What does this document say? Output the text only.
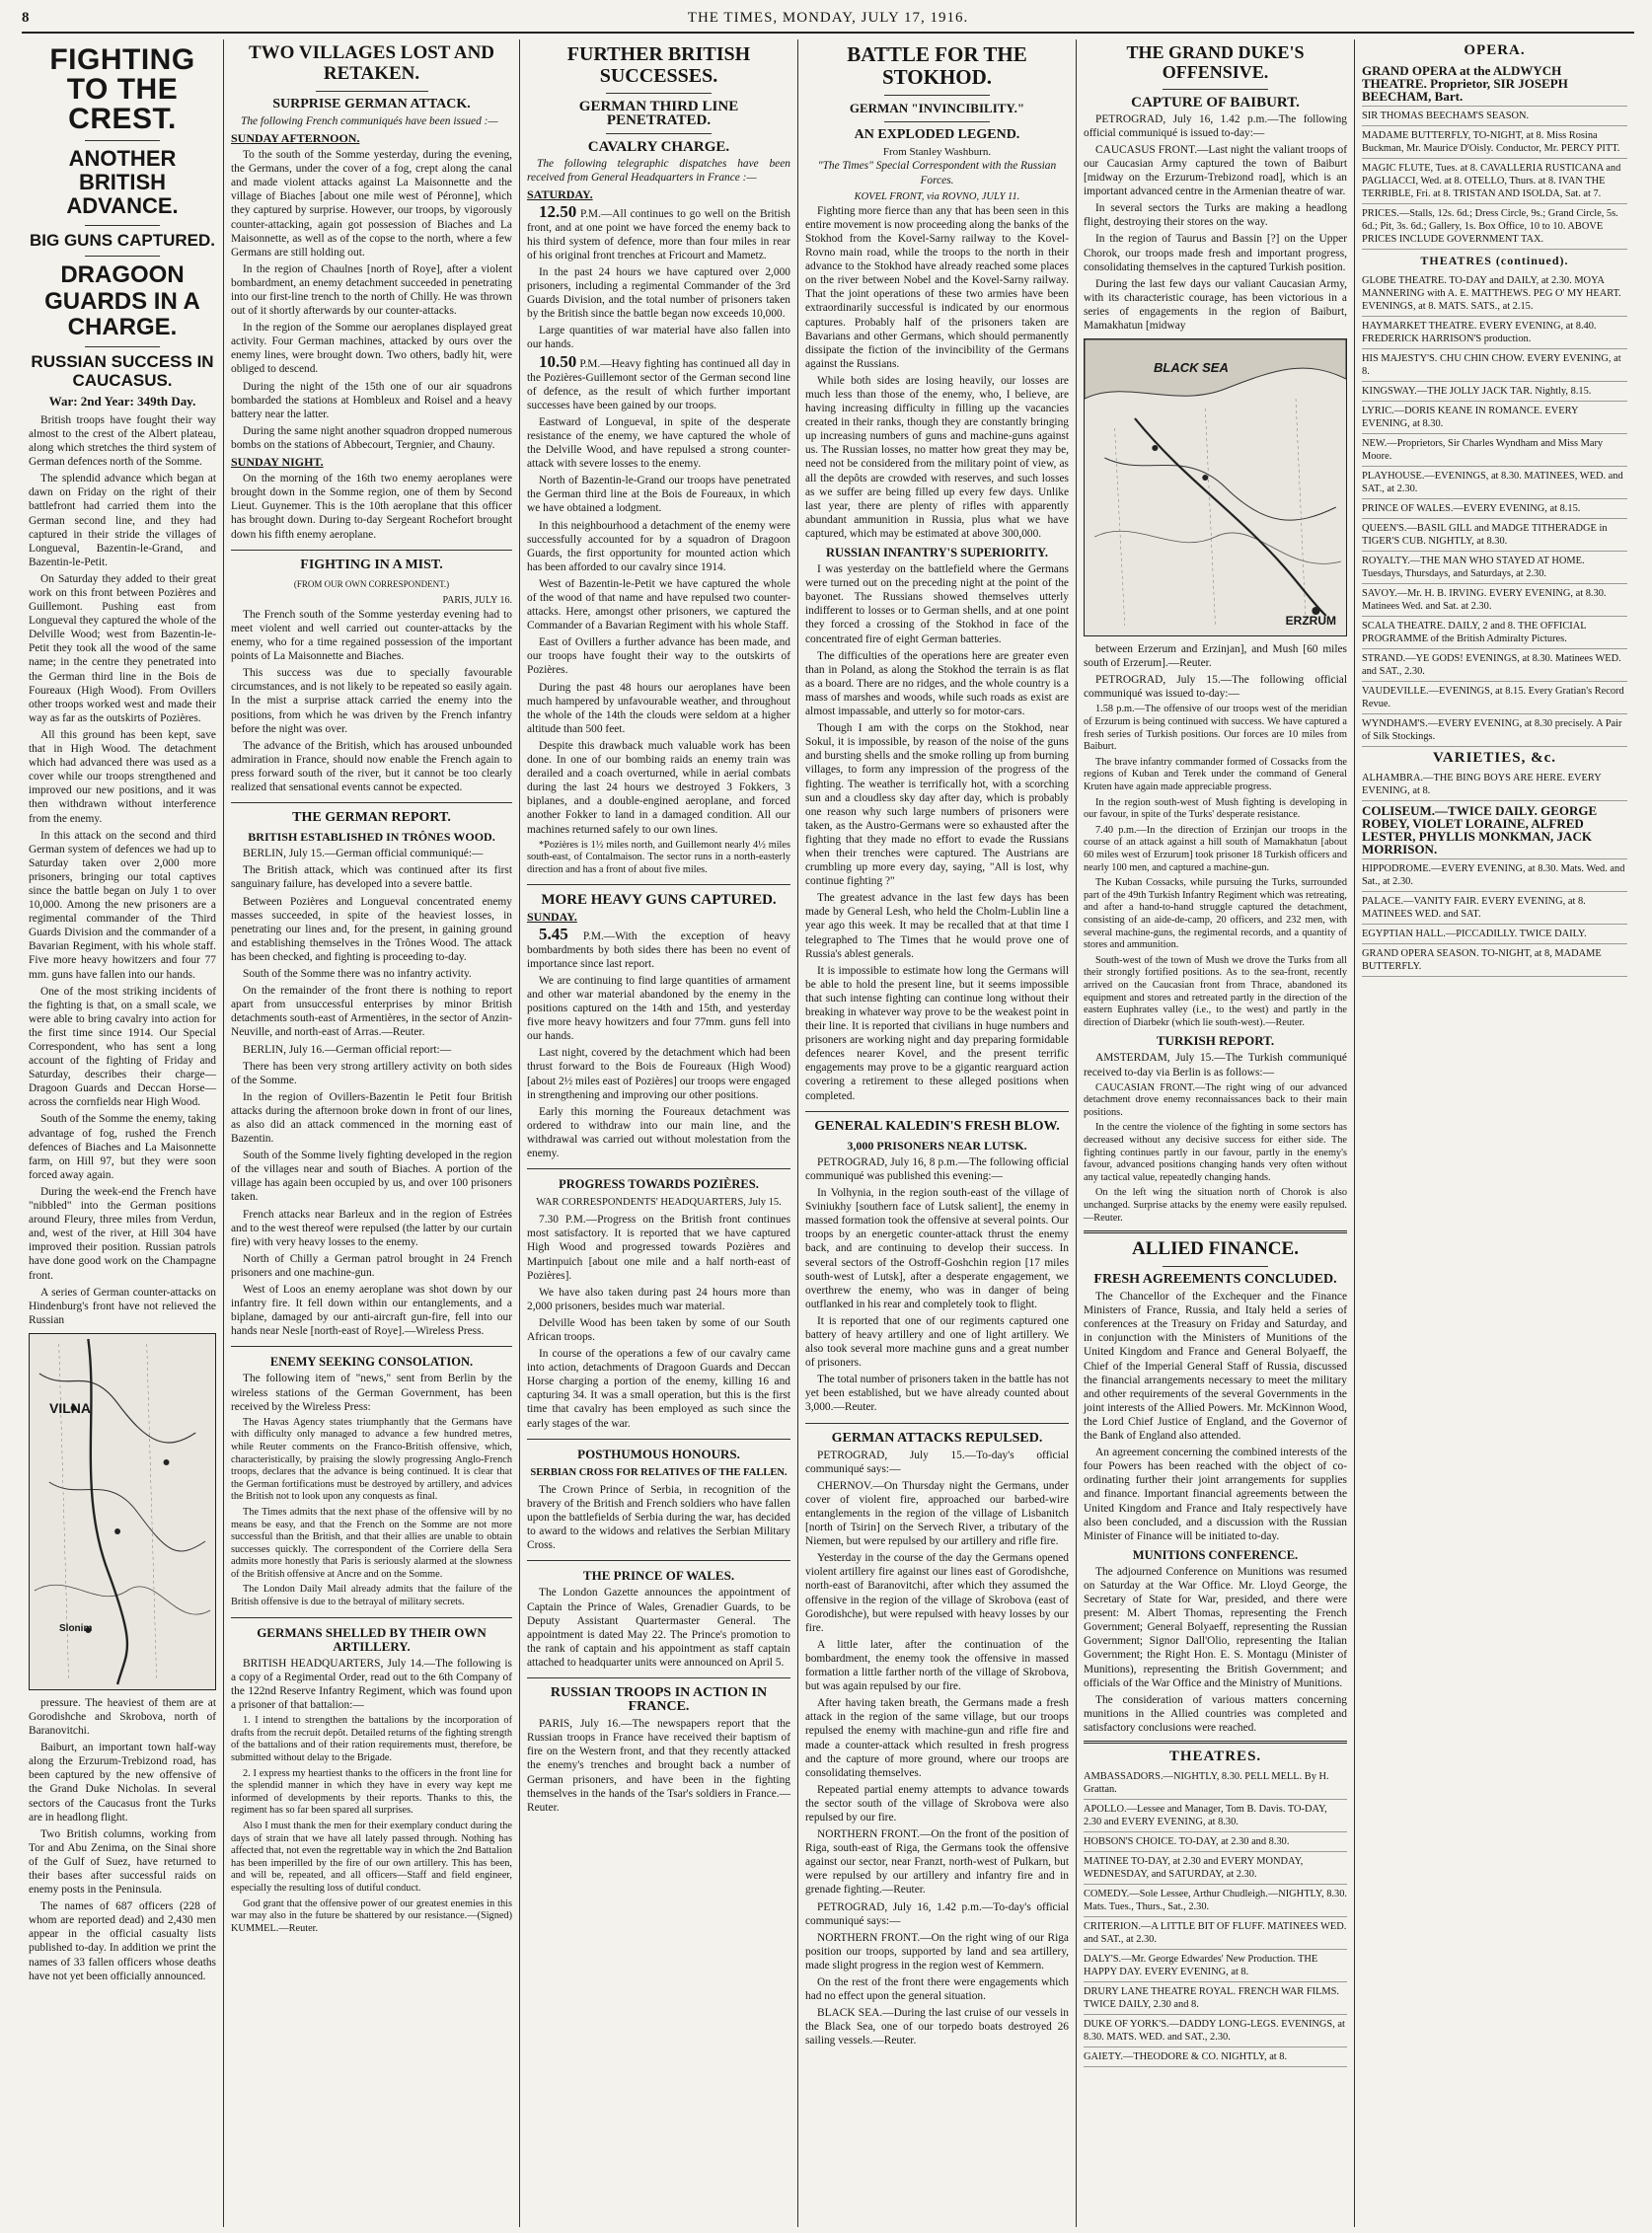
8	THE TIMES, MONDAY, JULY 17, 1916.
FIGHTING TO THE CREST.
ANOTHER BRITISH ADVANCE.
BIG GUNS CAPTURED.
DRAGOON GUARDS IN A CHARGE.
RUSSIAN SUCCESS IN CAUCASUS.
War: 2nd Year: 349th Day.

British troops have fought their way almost to the crest of the Albert plateau, along which stretches the third system of German defences north of the Somme.

The splendid advance which began at dawn on Friday on the right of their battlefront had carried them into the German second line, and they had captured in their stride the villages of Longueval, Bazentin-le-Grand, and Bazentin-le-Petit.

On Saturday they added to their great work on this front between Pozières and Guillemont. Pushing east from Longueval they captured the whole of the Delville Wood; west from Bazentin-le-Petit they took all the wood of the same name; in the centre they penetrated into the German third line in the Bois de Foureaux (High Wood). From Ovillers other troops worked west and made their way as far as the outskirts of Pozières.

All this ground has been kept, save that in High Wood. The detachment which had advanced there was used as a cover while our troops strengthened and improved our new positions, and it was then withdrawn without interference from the enemy.

In this attack on the second and third German system of defences we had up to Saturday taken over 2,000 more prisoners, bringing our total captives since the battle began on July 1 to over 10,000. Among the new prisoners are a regimental commander of the Third Guards Division and the commander of a Bavarian Regiment, with his whole staff. Five more heavy howitzers and four 77 mm. guns have fallen into our hands.

One of the most striking incidents of the fighting is that, on a small scale, we were able to bring cavalry into action for the first time since 1914. Our Special Correspondent, who has sent a long account of the fighting of Friday and Saturday, describes their charge—Dragoon Guards and Deccan Horse—across the cornfields near High Wood.

South of the Somme the enemy, taking advantage of fog, rushed the French defences of Biaches and La Maisonnette farm, on Hill 97, but they were soon forced away again.

During the week-end the French have "nibbled" into the German positions around Fleury, three miles from Verdun, and, west of the river, at Hill 304 have improved their position. Russian patrols have done good work on the Champagne front.

A series of German counter-attacks on Hindenburg's front have not relieved the Russian

VILNA
Slonim

pressure. The heaviest of them are at Gorodishche and Skrobova, north of Baranovitchi.

Baiburt, an important town half-way along the Erzurum-Trebizond road, has been captured by the new offensive of the Grand Duke Nicholas. In several sectors of the Caucasus front the Turks are in headlong flight.

Two British columns, working from Tor and Abu Zenima, on the Sinai shore of the Gulf of Suez, have returned to their bases after successful raids on enemy posts in the Peninsula.

The names of 687 officers (228 of whom are reported dead) and 2,430 men appear in the official casualty lists published to-day. In addition we print the names of 33 fallen officers whose deaths have not yet been officially announced.

TWO VILLAGES LOST AND RETAKEN.
SURPRISE GERMAN ATTACK.

The following French communiqués have been issued :—

SUNDAY AFTERNOON.

To the south of the Somme yesterday, during the evening, the Germans, under the cover of a fog, crept along the canal and made violent attacks against La Maisonnette and the village of Biaches [about one mile west of Péronne], which they captured by surprise. However, our troops, by vigorously counter-attacking, again got possession of Biaches and La Maisonnette, as well as of the copse to the north, where a few Germans are still holding out.

In the region of Chaulnes [north of Roye], after a violent bombardment, an enemy detachment succeeded in penetrating into our first-line trench to the north of Chilly. He was thrown out of it shortly afterwards by our counter-attacks.

In the region of the Somme our aeroplanes displayed great activity. Four German machines, attacked by ours over the enemy lines, were brought down. Two others, badly hit, were obliged to descend.

During the night of the 15th one of our air squadrons bombarded the stations at Hombleux and Roisel and a heavy battery near the latter.

During the same night another squadron dropped numerous bombs on the stations of Abbecourt, Tergnier, and Chauny.

SUNDAY NIGHT.

On the morning of the 16th two enemy aeroplanes were brought down in the Somme region, one of them by Second Lieut. Guynemer. This is the 10th aeroplane that this officer has brought down. During to-day Sergeant Rochefort brought down his fifth enemy aeroplane.

FIGHTING IN A MIST.
(FROM OUR OWN CORRESPONDENT.)
PARIS, JULY 16.

The French south of the Somme yesterday evening had to meet violent and well carried out counter-attacks by the enemy, who for a time regained possession of the important points of La Maisonnette and Biaches.

This success was due to specially favourable circumstances, and is not likely to be repeated so easily again. In the mist a surprise attack carried the enemy into the positions, from which he was driven by the French infantry before the night was over.

The advance of the British, which has aroused unbounded admiration in France, should now enable the French again to press forward south of the river, but it cannot be too clearly realized that sensational events cannot be expected.

THE GERMAN REPORT.
BRITISH ESTABLISHED IN TRÔNES WOOD.

BERLIN, July 15.—German official communiqué:—

The British attack, which was continued after its first sanguinary failure, has developed into a severe battle.

Between Pozières and Longueval concentrated enemy masses succeeded, in spite of the heaviest losses, in penetrating our lines and, for the present, in gaining ground and establishing themselves in the Trônes Wood. The attack has been checked, and fighting is proceeding to-day.

South of the Somme there was no infantry activity.

On the remainder of the front there is nothing to report apart from unsuccessful enterprises by minor British detachments south-east of Armentières, in the sector of Anzin-Neuville, and north-east of Arras.—Reuter.

BERLIN, July 16.—German official report:—

There has been very strong artillery activity on both sides of the Somme.

In the region of Ovillers-Bazentin le Petit four British attacks during the afternoon broke down in front of our lines, as also did an attack commenced in the morning east of Bazentin.

South of the Somme lively fighting developed in the region of the villages near and south of Biaches. A portion of the village has again been occupied by us, and over 100 prisoners taken.

French attacks near Barleux and in the region of Estrées and to the west thereof were repulsed (the latter by our curtain fire) with very heavy losses to the enemy.

North of Chilly a German patrol brought in 24 French prisoners and one machine-gun.

West of Loos an enemy aeroplane was shot down by our infantry fire. It fell down within our entanglements, and a biplane, damaged by our anti-aircraft gun-fire, fell into our hands near Nesle [north-east of Roye].—Wireless Press.

ENEMY SEEKING CONSOLATION.

The following item of "news," sent from Berlin by the wireless stations of the German Government, has been received by the Wireless Press:

The Havas Agency states triumphantly that the Germans have with difficulty only managed to advance a few hundred metres, while Reuter comments on the Franco-British offensive, which, characteristically, by praising the slowly progressing Anglo-French troops, declares that the advance is being continued. It is clear that the German fortifications must be destroyed by artillery, and advices the British not to look upon any conquests as final.

The Times admits that the next phase of the offensive will by no means be easy, and that the French on the Somme are not more successful than the British, and that their allies are unable to obtain successes quickly. The correspondent of the Corriere della Sera admits more honestly that Paris is seriously alarmed at the slowness of the British offensive at Ancre and on the Somme.

The London Daily Mail already admits that the failure of the British offensive is due to the betrayal of military secrets.

GERMANS SHELLED BY THEIR OWN ARTILLERY.

BRITISH HEADQUARTERS, July 14.—The following is a copy of a Regimental Order, read out to the 6th Company of the 122nd Reserve Infantry Regiment, which was found upon a prisoner of that battalion:—

1. I intend to strengthen the battalions by the incorporation of drafts from the recruit depôt. Detailed returns of the fighting strength of the battalions and of their ration requirements must, therefore, be submitted without delay to the Brigade.

2. I express my heartiest thanks to the officers in the front line for the splendid manner in which they have in every way kept me informed of developments by their reports. Thanks to this, the regiment has so far been spared all surprises.

Also I must thank the men for their exemplary conduct during the days of strain that we have all lately passed through. Nothing has affected that, not even the regrettable way in which the 2nd Battalion has been imperilled by the fire of our own artillery. This has been, and will be, repeated, and all officers—Staff and field engineer, especially the resulting loss of dutiful conduct.

God grant that the offensive power of our greatest enemies in this war may also in the future be shattered by our resistance.—(Signed) KUMMEL.—Reuter.

FURTHER BRITISH SUCCESSES.
GERMAN THIRD LINE PENETRATED.
CAVALRY CHARGE.

The following telegraphic dispatches have been received from General Headquarters in France :—

SATURDAY.

12.50 P.M.—All continues to go well on the British front, and at one point we have forced the enemy back to his third system of defence, more than four miles in rear of his original front trenches at Fricourt and Mametz.

In the past 24 hours we have captured over 2,000 prisoners, including a regimental Commander of the 3rd Guards Division, and the total number of prisoners taken by the British since the battle began now exceeds 10,000.

Large quantities of war material have also fallen into our hands.

10.50 P.M.—Heavy fighting has continued all day in the Pozières-Guillemont sector of the German second line of defence, as the result of which further important successes have been gained by our troops.

Eastward of Longueval, in spite of the desperate resistance of the enemy, we have captured the whole of the Delville Wood, and have repulsed a strong counter-attack with severe losses to the enemy.

North of Bazentin-le-Grand our troops have penetrated the German third line at the Bois de Foureaux, in which we have obtained a lodgment.

In this neighbourhood a detachment of the enemy were successfully accounted for by a squadron of Dragoon Guards, the first opportunity for mounted action which has been afforded to our cavalry since 1914.

West of Bazentin-le-Petit we have captured the whole of the wood of that name and have repulsed two counter-attacks. Here, amongst other prisoners, we captured the Commander of a Bavarian Regiment with his whole Staff.

East of Ovillers a further advance has been made, and our troops have fought their way to the outskirts of Pozières.

During the past 48 hours our aeroplanes have been much hampered by unfavourable weather, and throughout the whole of the 14th the clouds were seldom at a higher altitude than 500 feet.

Despite this drawback much valuable work has been done. In one of our bombing raids an enemy train was derailed and a coach overturned, while in aerial combats during the last 24 hours we destroyed 3 Fokkers, 3 biplanes, and a double-engined aeroplane, and forced another Fokker to land in a damaged condition. All our machines returned safely to our own lines.

*Pozières is 1½ miles north, and Guillemont nearly 4½ miles south-east, of Contalmaison. The sector runs in a north-easterly direction and has a front of about five miles.

MORE HEAVY GUNS CAPTURED.
SUNDAY.

5.45 P.M.—With the exception of heavy bombardments by both sides there has been no event of importance since last report.

We are continuing to find large quantities of armament and other war material abandoned by the enemy in the positions captured on the 14th and 15th, and yesterday five more heavy howitzers and four 77mm. guns fell into our hands.

Last night, covered by the detachment which had been thrust forward to the Bois de Foureaux (High Wood) [about 2½ miles east of Pozières] our troops were engaged in strengthening and improving our other positions.

Early this morning the Foureaux detachment was ordered to withdraw into our main line, and the withdrawal was carried out without molestation from the enemy.

PROGRESS TOWARDS POZIÈRES.
WAR CORRESPONDENTS' HEADQUARTERS, July 15.

7.30 P.M.—Progress on the British front continues most satisfactory. It is reported that we have captured High Wood and progressed towards Pozières and Martinpuich [about one mile and a half north-east of Pozières].

We have also taken during past 24 hours more than 2,000 prisoners, besides much war material.

Delville Wood has been taken by some of our South African troops.

In course of the operations a few of our cavalry came into action, detachments of Dragoon Guards and Deccan Horse charging a portion of the enemy, killing 16 and capturing 34. It was a small operation, but this is the first time that cavalry has been employed as such since the early stages of the war.

POSTHUMOUS HONOURS.
SERBIAN CROSS FOR RELATIVES OF THE FALLEN.

The Crown Prince of Serbia, in recognition of the bravery of the British and French soldiers who have fallen upon the battlefields of Serbia during the war, has decided to award to the widows and relatives the Serbian Military Cross.

THE PRINCE OF WALES.

The London Gazette announces the appointment of Captain the Prince of Wales, Grenadier Guards, to be Deputy Assistant Quartermaster General. The appointment is dated May 22. The Prince's promotion to the rank of captain and his appointment as staff captain attached to headquarter units were announced on April 5.

RUSSIAN TROOPS IN ACTION IN FRANCE.

PARIS, July 16.—The newspapers report that the Russian troops in France have received their baptism of fire on the Western front, and that they recently attacked the enemy's trenches and brought back a number of German prisoners, and have been in the fighting themselves in the hands of the Tsar's soldiers in France.—Reuter.

BATTLE FOR THE STOKHOD.
GERMAN "INVINCIBILITY."
AN EXPLODED LEGEND.
From Stanley Washburn.

"The Times" Special Correspondent with the Russian Forces.

KOVEL FRONT, via ROVNO, JULY 11.

Fighting more fierce than any that has been seen in this entire movement is now proceeding along the banks of the Stokhod from the Kovel-Sarny railway to the Kovel-Rovno main road, while the troops to the north in their advance to the Stokhod have already reached some places on the river between Nobel and the Kovel-Sarny railway. That the joint operations of these two armies have been extraordinarily successful is indicated by our enormous captures. Probably half of the prisoners taken are Bavarians and other Germans, which should permanently dissipate the fiction of the invincibility of the Germans against the Russians.

While both sides are losing heavily, our losses are much less than those of the enemy, who, I believe, are having increasing difficulty in filling up the vacancies created in their ranks, though they are constantly bringing up increasing numbers of guns and machine-guns against us. The Russian losses, no matter how great they may be, need not be considered from the military point of view, as all the depôts are crowded with reserves, and such losses as we suffer are being filled up every few days. Unlike last year, there are plenty of rifles with apparently abundant ammunition in Russia, plus what we have captured, which may be estimated at above 300,000.

RUSSIAN INFANTRY'S SUPERIORITY.

I was yesterday on the battlefield where the Germans were turned out on the preceding night at the point of the bayonet. The Russians showed themselves utterly indifferent to losses or to German shells, and at one point they forced a crossing of the Stokhod in face of the concentrated fire of eight German batteries.

The difficulties of the operations here are greater even than in Poland, as along the Stokhod the terrain is as flat as a board. There are no ridges, and the whole country is a mass of marshes and woods, while such roads as exist are almost impassable, and utterly so for motor-cars.

Though I am with the corps on the Stokhod, near Sokul, it is impossible, by reason of the noise of the guns and bursting shells and the smoke rolling up from burning villages, to form any impression of the progress of the fighting. The weather is terrifically hot, with a scorching sun and a cloudless sky day after day, which is probably one reason why such large numbers of prisoners were taken, as the Austro-Germans were so exhausted after the fighting that they made no effort to evade the Russians when their trenches were captured. The Austrians are crumbling up more every day, saying, "All is lost, why continue fighting ?"

The greatest advance in the last few days has been made by General Lesh, who held the Cholm-Lublin line a year ago this week. It may be recalled that at that time I telegraphed to The Times that he would prove one of Russia's ablest generals.

It is impossible to estimate how long the Germans will be able to hold the present line, but it seems impossible that such intense fighting can continue long without their breaking in whatever way prove to be the weakest point in their line. It is reported that civilians in huge numbers and prisoners are working night and day preparing formidable defences nearer Kovel, and the present terrific engagements may prove to be a gigantic rearguard action covering a retirement to these alleged positions when completed.

GENERAL KALEDIN'S FRESH BLOW.
3,000 PRISONERS NEAR LUTSK.

PETROGRAD, July 16, 8 p.m.—The following official communiqué was published this evening:—

In Volhynia, in the region south-east of the village of Sviniukhy [southern face of Lutsk salient], the enemy in massed formation took the offensive at several points. Our troops by an energetic counter-attack thrust the enemy back, and are continuing to develop their success. In several sectors of the Ostroff-Goshchin region [17 miles south-west of Lutsk], after a desperate engagement, we overthrew the enemy, who was in danger of being outflanked in his rear and completely took to flight.

It is reported that one of our regiments captured one battery of heavy artillery and one of light artillery. We also took several more machine guns and a great number of prisoners.

The total number of prisoners taken in the battle has not yet been established, but we have already counted about 3,000.—Reuter.

GERMAN ATTACKS REPULSED.

PETROGRAD, July 15.—To-day's official communiqué says:—

CHERNOV.—On Thursday night the Germans, under cover of violent fire, approached our barbed-wire entanglements in the region of the village of Lisbanitch [north of Tsirin] on the Servech River, a tributary of the Niemen, but were repulsed by our artillery and rifle fire.

Yesterday in the course of the day the Germans opened violent artillery fire against our lines east of Gorodishche, north-east of Baranovitchi, after which they assumed the offensive in the region of the village of Skrobova (east of Gorodishche), but were repulsed with heavy losses by our fire.

A little later, after the continuation of the bombardment, the enemy took the offensive in massed formation a little farther north of the village of Skrobova, but was again repulsed by our fire.

After having taken breath, the Germans made a fresh attack in the region of the same village, but our troops repulsed the enemy with machine-gun and rifle fire and made a counter-attack which resulted in fresh progress and the capture of more ground, where our troops are consolidating themselves.

Repeated partial enemy attempts to advance towards the sector south of the village of Skrobova were also repulsed by our fire.

NORTHERN FRONT.—On the front of the position of Riga, south-east of Riga, the Germans took the offensive against our sector, near Franzt, north-west of Pulkarn, but were repulsed by our artillery and infantry fire and in grenade fighting.—Reuter.

PETROGRAD, July 16, 1.42 p.m.—To-day's official communiqué says:—

NORTHERN FRONT.—On the right wing of our Riga position our troops, supported by land and sea artillery, made slight progress in the region west of Kemmern.

On the rest of the front there were engagements which had no effect upon the general situation.

BLACK SEA.—During the last cruise of our vessels in the Black Sea, one of our torpedo boats destroyed 26 sailing vessels.—Reuter.

THE GRAND DUKE'S OFFENSIVE.
CAPTURE OF BAIBURT.

PETROGRAD, July 16, 1.42 p.m.—The following official communiqué is issued to-day:—

CAUCASUS FRONT.—Last night the valiant troops of our Caucasian Army captured the town of Baiburt [midway on the Erzurum-Trebizond road], which is an important advanced centre in the Armenian theatre of war.

In several sectors the Turks are making a headlong flight, destroying their stores on the way.

In the region of Taurus and Bassin [?] on the Upper Chorok, our troops made fresh and important progress, consolidating themselves in the captured Turkish position.

During the last few days our valiant Caucasian Army, with its characteristic courage, has been victorious in a series of engagements in the region of Baiburt, Mamakhatun [midway

BLACK SEA
ERZRUM

between Erzerum and Erzinjan], and Mush [60 miles south of Erzerum].—Reuter.

PETROGRAD, July 15.—The following official communiqué was issued to-day:—

1.58 p.m.—The offensive of our troops west of the meridian of Erzurum is being continued with success. We have captured a fresh series of Turkish positions. Our forces are 10 miles from Baiburt.

The brave infantry commander formed of Cossacks from the regions of Kuban and Terek under the command of General Kruten have again made appreciable progress.

In the region south-west of Mush fighting is developing in our favour, in spite of the Turks' desperate resistance.

7.40 p.m.—In the direction of Erzinjan our troops in the course of an attack against a hill south of Mamakhatun [about 60 miles west of Erzurum] took prisoner 18 Turkish officers and nearly 100 men, and captured a machine-gun.

The Kuban Cossacks, while pursuing the Turks, surrounded part of the 49th Turkish Infantry Regiment which was retreating, and after a hand-to-hand struggle captured the detachment, consisting of an aide-de-camp, 20 officers, and 232 men, with several machine-guns, the regimental records, and a quantity of stores and ammunition.

South-west of the town of Mush we drove the Turks from all their strongly fortified positions. As to the sea-front, recently arrived on the Caucasian front from Thrace, abandoned its equipment and stores and retreated partly in the direction of the eastern Euphrates valley (i.e., to the west) and partly in the direction of Diarbekr (which lie south-west).—Reuter.

TURKISH REPORT.

AMSTERDAM, July 15.—The Turkish communiqué received to-day via Berlin is as follows:—

CAUCASIAN FRONT.—The right wing of our advanced detachment drove enemy reconnaissances back to their main positions.

In the centre the violence of the fighting in some sectors has decreased without any decisive success for either side. The fighting continues partly in our favour, partly in the enemy's favour, advanced positions changing hands very often without any tactical value, repeatedly changing hands.

On the left wing the situation north of Chorok is also unchanged. Surprise attacks by the enemy were easily repulsed.—Reuter.

ALLIED FINANCE.
FRESH AGREEMENTS CONCLUDED.

The Chancellor of the Exchequer and the Finance Ministers of France, Russia, and Italy held a series of conferences at the Treasury on Friday and Saturday, and in conjunction with the Ministers of Munitions of the United Kingdom and France and General Bolyaeff, the Chief of the Imperial General Staff of Russia, discussed the financial arrangements necessary to meet the military and other requirements of the several Governments in the joint interests of the Allied Powers. Mr. McKinnon Wood, the Lord Chief Justice of England, and the Governor of the Bank of England also attended.

An agreement concerning the combined interests of the four Powers has been reached with the object of co-ordinating further their joint arrangements for supplies and finance. Important financial agreements between the United Kingdom and France and Italy respectively have also been concluded, and a discussion with the Russian Minister of Finance will be initiated to-day.

MUNITIONS CONFERENCE.

The adjourned Conference on Munitions was resumed on Saturday at the War Office. Mr. Lloyd George, the Secretary of State for War, presided, and there were present: M. Albert Thomas, representing the French Government; General Bolyaeff, representing the Russian Government; Signor Dall'Olio, representing the Italian Government; the Right Hon. E. S. Montagu (Minister of Munitions), representing the British Government; and officials of the War Office and the Ministry of Munitions.

The consideration of various matters concerning munitions in the Allied countries was completed and satisfactory conclusions were reached.

THEATRES.
AMBASSADORS.—NIGHTLY, 8.30. PELL MELL. By H. Grattan.
APOLLO.—Lessee and Manager, Tom B. Davis. TO-DAY, 2.30 and EVERY EVENING, at 8.30.
HOBSON'S CHOICE. TO-DAY, at 2.30 and 8.30.
MATINEE TO-DAY, at 2.30 and EVERY MONDAY, WEDNESDAY, and SATURDAY, at 2.30.
COMEDY.—Sole Lessee, Arthur Chudleigh.—NIGHTLY, 8.30. Mats. Tues., Thurs., Sat., 2.30.
CRITERION.—A LITTLE BIT OF FLUFF. MATINEES WED. and SAT., at 2.30.
DALY'S.—Mr. George Edwardes' New Production. THE HAPPY DAY. EVERY EVENING, at 8.
DRURY LANE THEATRE ROYAL. FRENCH WAR FILMS. TWICE DAILY, 2.30 and 8.
DUKE OF YORK'S.—DADDY LONG-LEGS. EVENINGS, at 8.30. MATS. WED. and SAT., 2.30.
GAIETY.—THEODORE & CO. NIGHTLY, at 8.
OPERA.
GRAND OPERA at the ALDWYCH THEATRE. Proprietor, SIR JOSEPH BEECHAM, Bart.
SIR THOMAS BEECHAM'S SEASON.
MADAME BUTTERFLY, TO-NIGHT, at 8. Miss Rosina Buckman, Mr. Maurice D'Oisly. Conductor, Mr. PERCY PITT.
MAGIC FLUTE, Tues. at 8. CAVALLERIA RUSTICANA and PAGLIACCI, Wed. at 8. OTELLO, Thurs. at 8. IVAN THE TERRIBLE, Fri. at 8. TRISTAN AND ISOLDA, Sat. at 7.
PRICES.—Stalls, 12s. 6d.; Dress Circle, 9s.; Grand Circle, 5s. 6d.; Pit, 3s. 6d.; Gallery, 1s. Box Office, 10 to 10. ABOVE PRICES INCLUDE GOVERNMENT TAX.
THEATRES (continued).
GLOBE THEATRE. TO-DAY and DAILY, at 2.30. MOYA MANNERING with A. E. MATTHEWS. PEG O' MY HEART. EVENINGS, at 8. MATS. SATS., at 2.15.
HAYMARKET THEATRE. EVERY EVENING, at 8.40. FREDERICK HARRISON'S production.
HIS MAJESTY'S. CHU CHIN CHOW. EVERY EVENING, at 8.
KINGSWAY.—THE JOLLY JACK TAR. Nightly, 8.15.
LYRIC.—DORIS KEANE IN ROMANCE. EVERY EVENING, at 8.30.
NEW.—Proprietors, Sir Charles Wyndham and Miss Mary Moore.
PLAYHOUSE.—EVENINGS, at 8.30. MATINEES, WED. and SAT., at 2.30.
PRINCE OF WALES.—EVERY EVENING, at 8.15.
QUEEN'S.—BASIL GILL and MADGE TITHERADGE in TIGER'S CUB. NIGHTLY, at 8.30.
ROYALTY.—THE MAN WHO STAYED AT HOME. Tuesdays, Thursdays, and Saturdays, at 2.30.
SAVOY.—Mr. H. B. IRVING. EVERY EVENING, at 8.30. Matinees Wed. and Sat. at 2.30.
SCALA THEATRE. DAILY, 2 and 8. THE OFFICIAL PROGRAMME of the British Admiralty Pictures.
STRAND.—YE GODS! EVENINGS, at 8.30. Matinees WED. and SAT., 2.30.
VAUDEVILLE.—EVENINGS, at 8.15. Every Gratian's Record Revue.
WYNDHAM'S.—EVERY EVENING, at 8.30 precisely. A Pair of Silk Stockings.
VARIETIES, &c.
ALHAMBRA.—THE BING BOYS ARE HERE. EVERY EVENING, at 8.
COLISEUM.—TWICE DAILY. GEORGE ROBEY, VIOLET LORAINE, ALFRED LESTER, PHYLLIS MONKMAN, JACK MORRISON.
HIPPODROME.—EVERY EVENING, at 8.30. Mats. Wed. and Sat., at 2.30.
PALACE.—VANITY FAIR. EVERY EVENING, at 8. MATINEES WED. and SAT.
EGYPTIAN HALL.—PICCADILLY. TWICE DAILY.
GRAND OPERA SEASON. TO-NIGHT, at 8, MADAME BUTTERFLY.
